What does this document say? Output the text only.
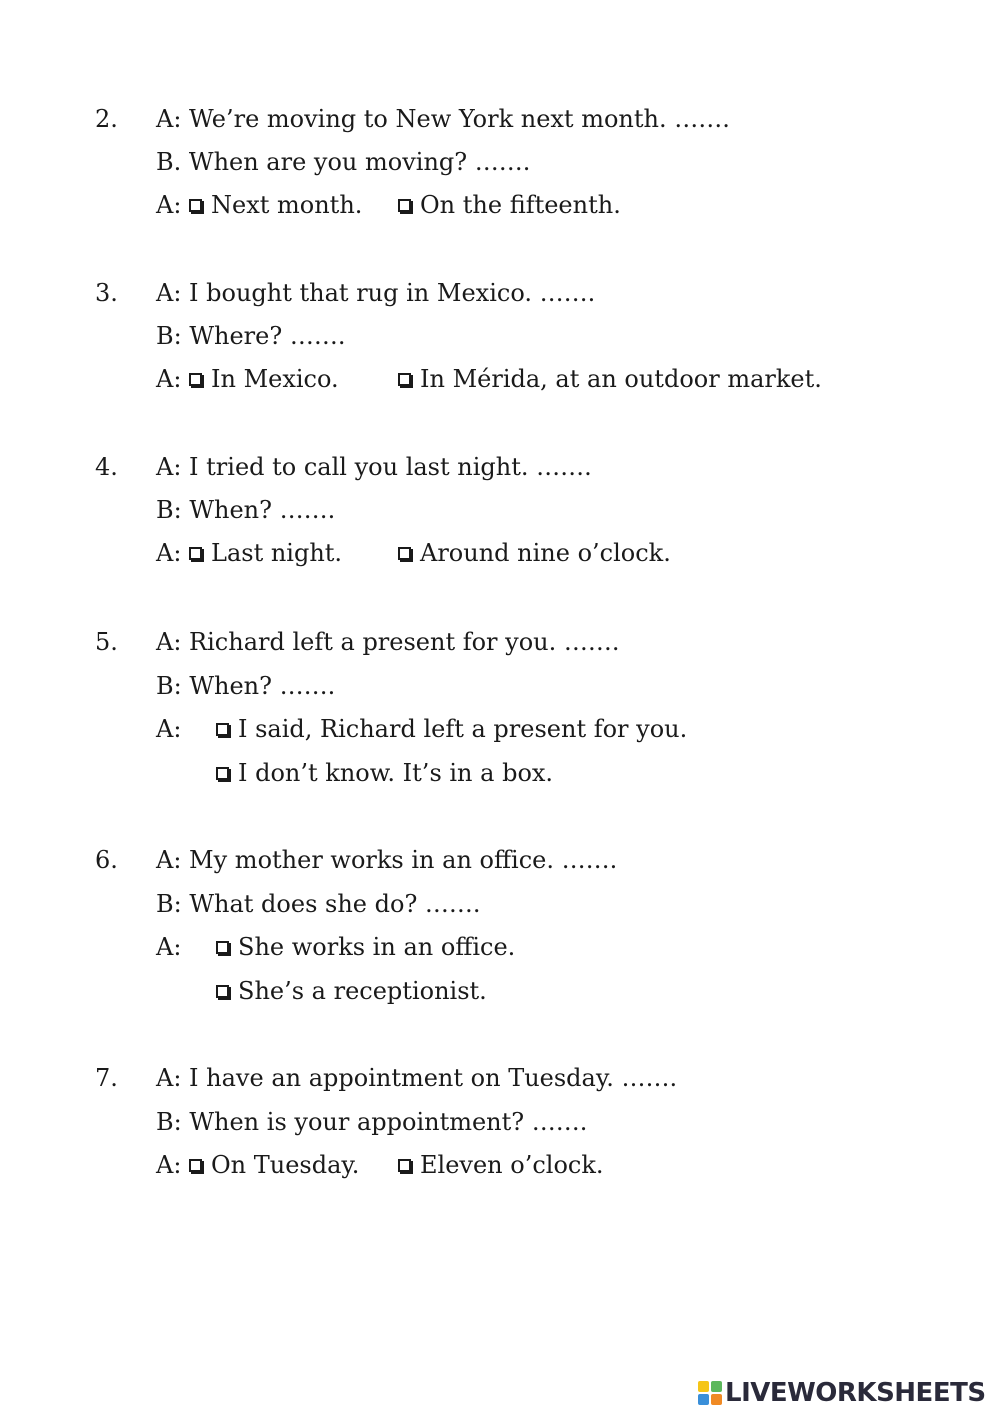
2. A: We’re moving to New York next month. …….
B. When are you moving? …….
A:	Next month.	On the fifteenth.
3. A: I bought that rug in Mexico. …….
B: Where? …….
A:	In Mexico.	In Mérida, at an outdoor market.
4. A: I tried to call you last night. …….
B: When? …….
A:	Last night.	Around nine o’clock.
5. A: Richard left a present for you. …….
B: When? …….
A:	I said, Richard left a present for you.
I don’t know. It’s in a box.
6. A: My mother works in an office. …….
B: What does she do? …….
A:	She works in an office.
She’s a receptionist.
7. A: I have an appointment on Tuesday. …….
B: When is your appointment? …….
A:	On Tuesday.	Eleven o’clock.
LIVEWORKSHEETS
